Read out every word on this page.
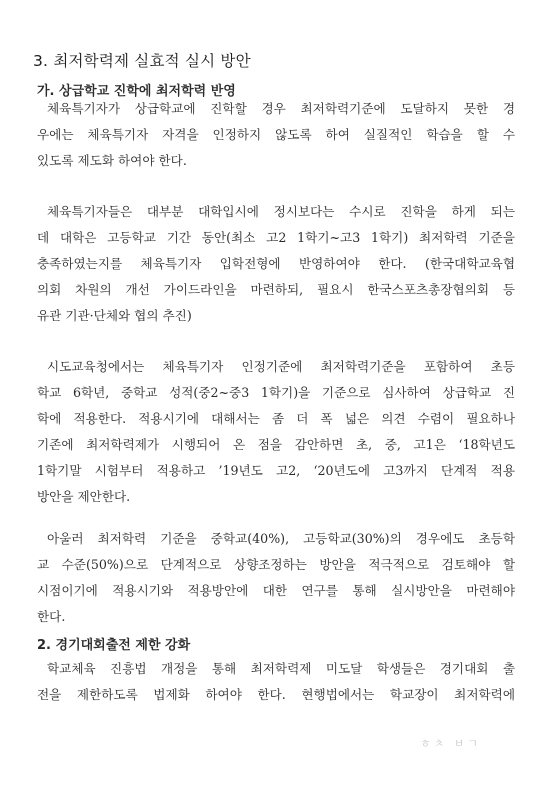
3. 최저학력제 실효적 실시 방안
가. 상급학교 진학에 최저학력 반영
체육특기자가 상급학교에 진학할 경우 최저학력기준에 도달하지 못한 경
우에는 체육특기자 자격을 인정하지 않도록 하여 실질적인 학습을 할 수
있도록 제도화 하여야 한다.
체육특기자들은 대부분 대학입시에 정시보다는 수시로 진학을 하게 되는
데 대학은 고등학교 기간 동안(최소 고2 1학기~고3 1학기) 최저학력 기준을
충족하였는지를 체육특기자 입학전형에 반영하여야 한다. (한국대학교육협
의회 차원의 개선 가이드라인을 마련하되, 필요시 한국스포츠총장협의회 등
유관 기관·단체와 협의 추진)
시도교육청에서는 체육특기자 인정기준에 최저학력기준을 포함하여 초등
학교 6학년, 중학교 성적(중2~중3 1학기)을 기준으로 심사하여 상급학교 진
학에 적용한다. 적용시기에 대해서는 좀 더 폭 넓은 의견 수렴이 필요하나
기존에 최저학력제가 시행되어 온 점을 감안하면 초, 중, 고1은 ‘18학년도
1학기말 시험부터 적용하고 ’19년도 고2, ‘20년도에 고3까지 단계적 적용
방안을 제안한다.
아울러 최저학력 기준을 중학교(40%), 고등학교(30%)의 경우에도 초등학
교 수준(50%)으로 단계적으로 상향조정하는 방안을 적극적으로 검토해야 할
시점이기에 적용시기와 적용방안에 대한 연구를 통해 실시방안을 마련해야
한다.
2. 경기대회출전 제한 강화
학교체육 진흥법 개정을 통해 최저학력제 미도달 학생들은 경기대회 출
전을 제한하도록 법제화 하여야 한다. 현행법에서는 학교장이 최저학력에
ㅎㅊ ㅂㄱ
